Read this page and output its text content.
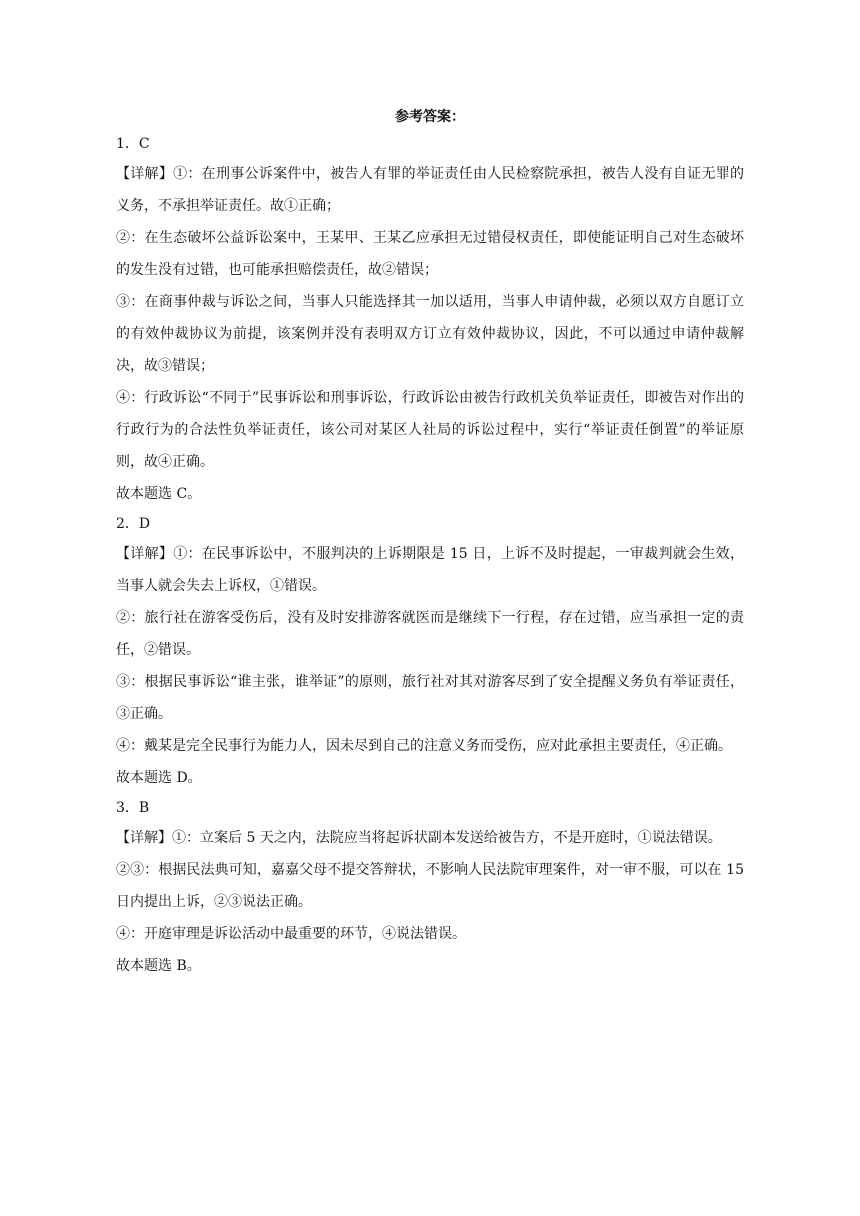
参考答案：

1．C

【详解】①：在刑事公诉案件中，被告人有罪的举证责任由人民检察院承担，被告人没有自证无罪的义务，不承担举证责任。故①正确；

②：在生态破坏公益诉讼案中，王某甲、王某乙应承担无过错侵权责任，即使能证明自己对生态破坏的发生没有过错，也可能承担赔偿责任，故②错误；

③：在商事仲裁与诉讼之间，当事人只能选择其一加以适用，当事人申请仲裁，必须以双方自愿订立的有效仲裁协议为前提，该案例并没有表明双方订立有效仲裁协议，因此，不可以通过申请仲裁解决，故③错误；

④：行政诉讼“不同于”民事诉讼和刑事诉讼，行政诉讼由被告行政机关负举证责任，即被告对作出的行政行为的合法性负举证责任，该公司对某区人社局的诉讼过程中，实行“举证责任倒置”的举证原则，故④正确。

故本题选 C。

2．D

【详解】①：在民事诉讼中，不服判决的上诉期限是 15 日，上诉不及时提起，一审裁判就会生效，当事人就会失去上诉权，①错误。

②：旅行社在游客受伤后，没有及时安排游客就医而是继续下一行程，存在过错，应当承担一定的责任，②错误。

③：根据民事诉讼“谁主张，谁举证”的原则，旅行社对其对游客尽到了安全提醒义务负有举证责任，③正确。

④：戴某是完全民事行为能力人，因未尽到自己的注意义务而受伤，应对此承担主要责任，④正确。

故本题选 D。

3．B

【详解】①：立案后 5 天之内，法院应当将起诉状副本发送给被告方，不是开庭时，①说法错误。

②③：根据民法典可知，嘉嘉父母不提交答辩状，不影响人民法院审理案件，对一审不服，可以在 15 日内提出上诉，②③说法正确。

④：开庭审理是诉讼活动中最重要的环节，④说法错误。

故本题选 B。
